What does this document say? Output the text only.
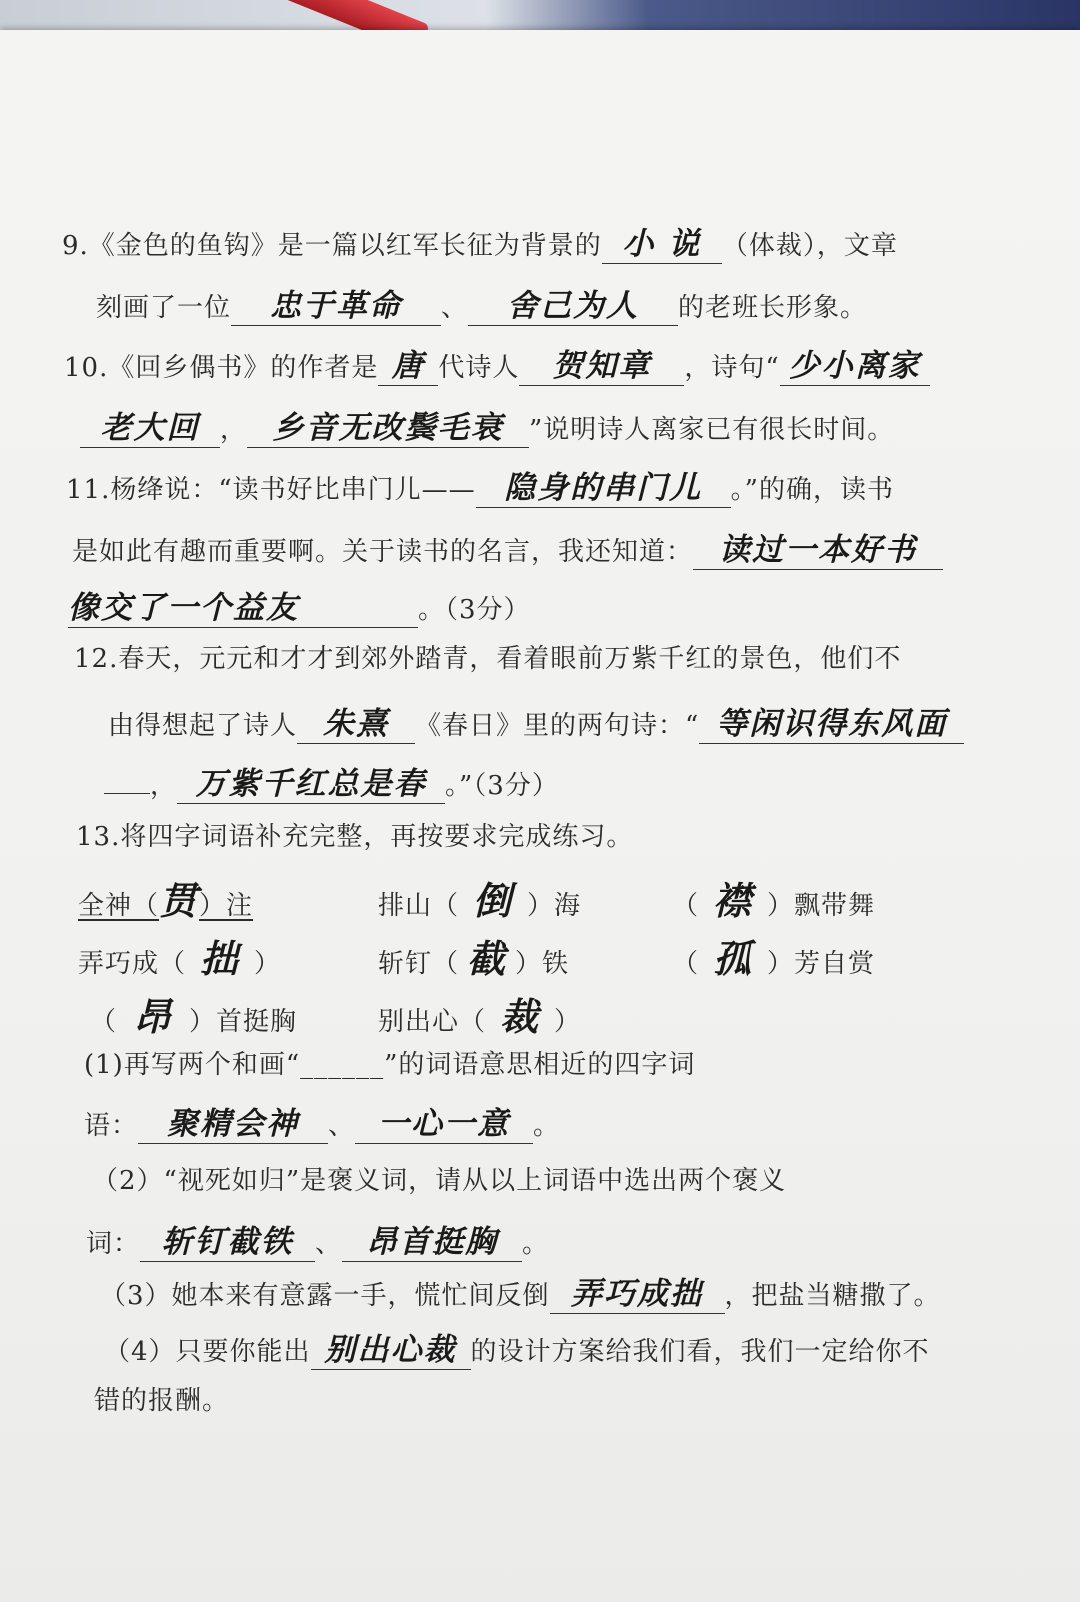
9.《金色的鱼钩》是一篇以红军长征为背景的 小 说 （体裁），文章
刻画了一位 忠于革命 、 舍己为人 的老班长形象。
10.《回乡偶书》的作者是 唐 代诗人 贺知章 ，诗句“ 少小离家
老大回 ， 乡音无改鬓毛衰 ”说明诗人离家已有很长时间。
11.杨绛说：“读书好比串门儿—— 隐身的串门儿 。”的确，读书
是如此有趣而重要啊。关于读书的名言，我还知道： 读过一本好书
像交了一个益友	。（3分）
12.春天，元元和才才到郊外踏青，看着眼前万紫千红的景色，他们不
由得想起了诗人 朱熹 《春日》里的两句诗：“ 等闲识得东风面
， 万紫千红总是春 。”（3分）
13.将四字词语补充完整，再按要求完成练习。
全神（贯）注	排山（ 倒 ）海	（ 襟 ）飘带舞
弄巧成（ 拙 ）	斩钉（ 截 ）铁	（ 孤 ）芳自赏
（ 昂 ）首挺胸	别出心（ 裁 ）
(1)再写两个和画“______”的词语意思相近的四字词
语： 聚精会神 、 一心一意 。
（2）“视死如归”是褒义词，请从以上词语中选出两个褒义
词： 斩钉截铁 、 昂首挺胸 。
（3）她本来有意露一手，慌忙间反倒 弄巧成拙 ，把盐当糖撒了。
（4）只要你能出 别出心裁 的设计方案给我们看，我们一定给你不
错的报酬。
